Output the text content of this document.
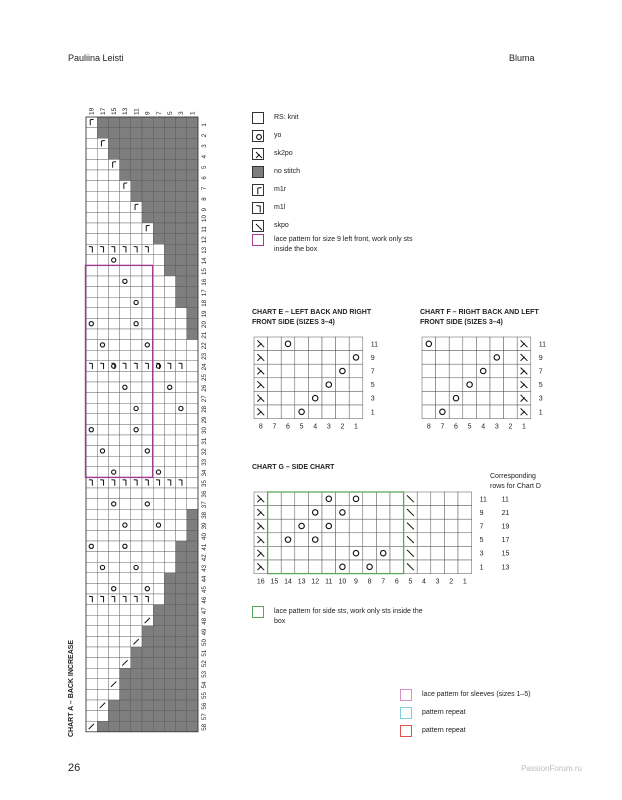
Pauliina Leisti	Bluma
19 17 15 13 11 9 7 5 3 1
1
2
3
4
5
6
7
8
9
10
11
12
13
14
15
16
17
18
19
20
21
22
23
24
25
26
27
28
29
30
31
32
33
34
35
36
37
38
39
40
41
42
43
44
45
46
47
48
49
50
51
52
53
54
55
56
57
58
CHART A – BACK INCREASE
RS: knit
yo
sk2po
no stitch
m1r
m1l
skpo
lace pattern for size 9 left front, work only sts inside the box
CHART E – LEFT BACK AND RIGHT
FRONT SIDE (SIZES 3–4)
8 7 6 5 4 3 2 1
11
9
7
5
3
1
CHART F – RIGHT BACK AND LEFT
FRONT SIDE (SIZES 3–4)
8 7 6 5 4 3 2 1
11
9
7
5
3
1
CHART G – SIDE CHART
Corresponding
rows for Chart D
16 15 14 13 12 11 10 9 8 7 6 5 4 3 2 1
11
9
7
5
3
1
11
21
19
17
15
13
lace pattern for side sts, work only sts inside the box
lace pattern for sleeves (sizes 1–5)
pattern repeat
pattern repeat
26	PassionForum.ru
